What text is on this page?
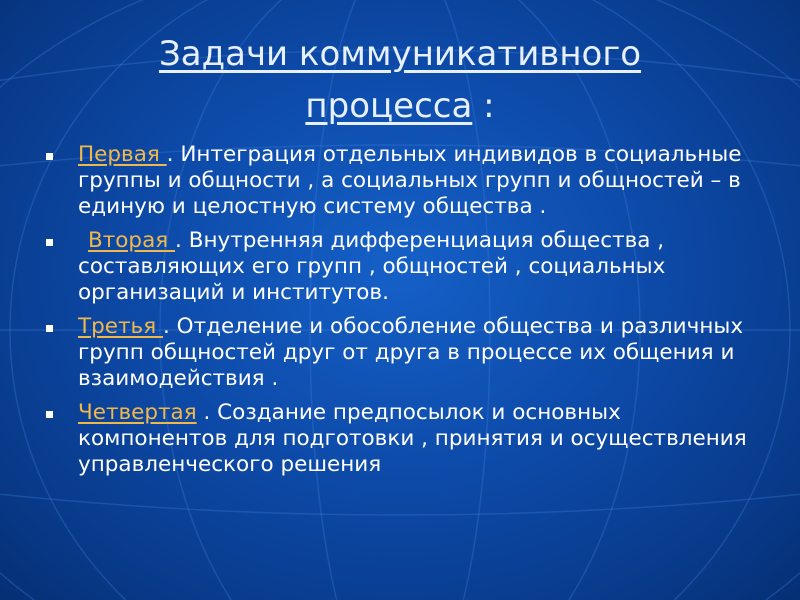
Задачи коммуникативного
процесса :
Первая . Интеграция отдельных индивидов в социальные группы и общности , а социальных групп и общностей – в единую и целостную систему общества .
Вторая . Внутренняя дифференциация общества , составляющих его групп , общностей , социальных организаций и институтов.
Третья . Отделение и обособление общества и различных групп общностей друг от друга в процессе их общения и взаимодействия .
Четвертая . Создание предпосылок и основных компонентов для подготовки , принятия и осуществления управленческого решения
